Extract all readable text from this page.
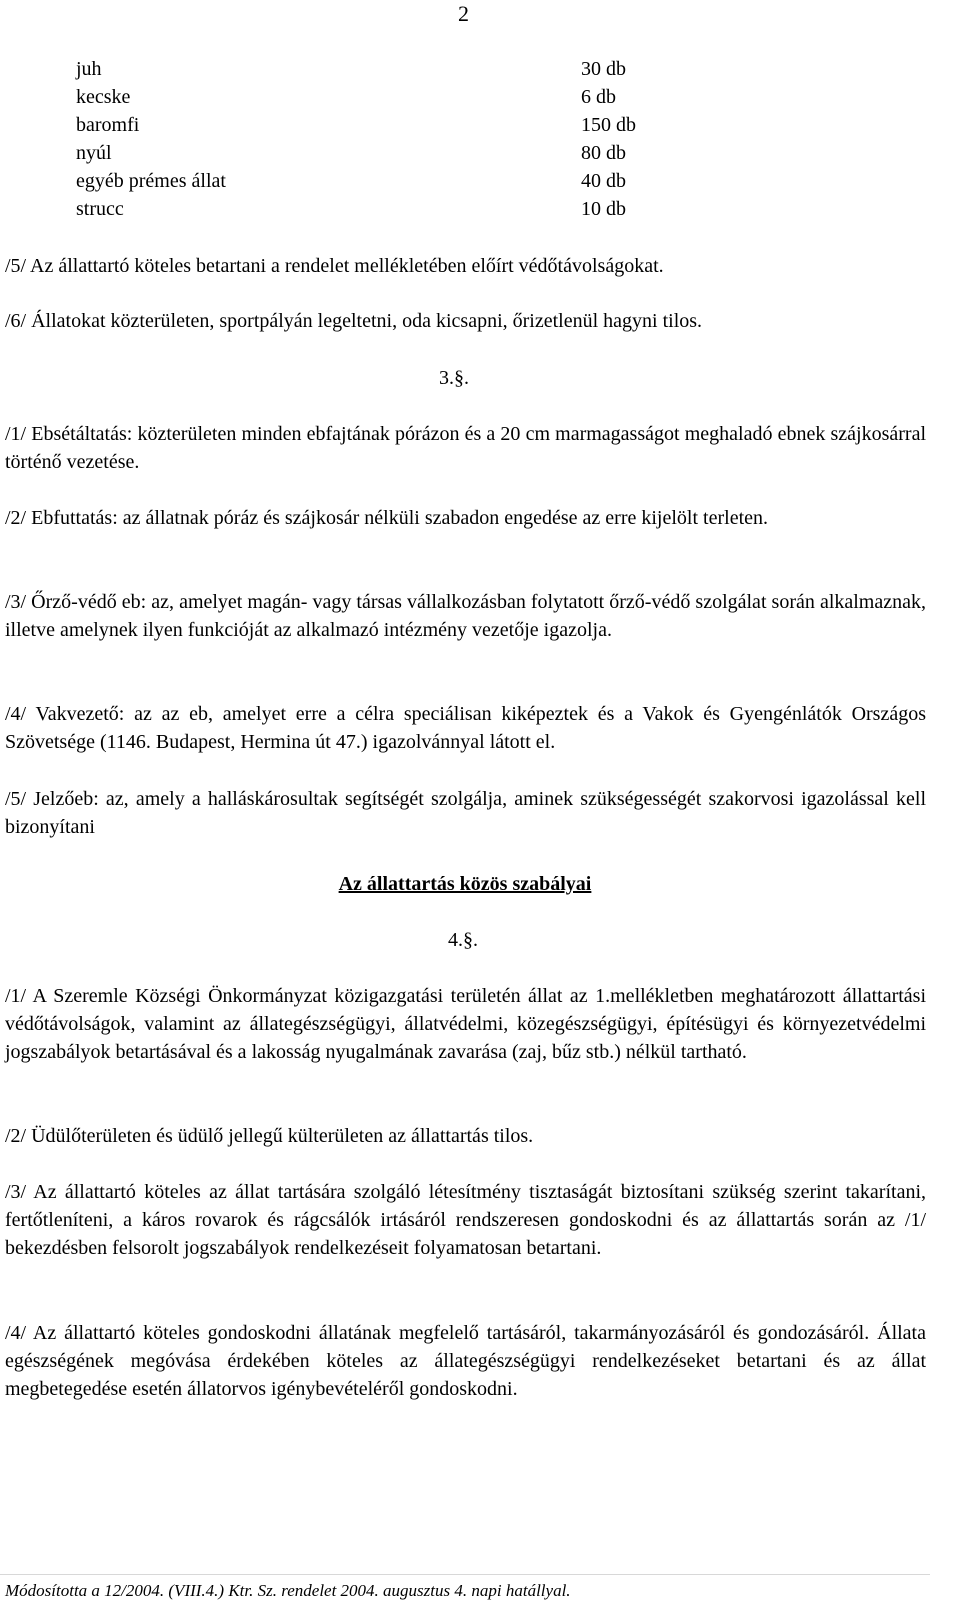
2
juh	30 db
kecske	6 db
baromfi	150 db
nyúl	80 db
egyéb prémes állat	40 db
strucc	10 db
/5/ Az állattartó köteles betartani a rendelet mellékletében előírt védőtávolságokat.
/6/ Állatokat közterületen, sportpályán legeltetni, oda kicsapni, őrizetlenül hagyni tilos.
3.§.
/1/ Ebsétáltatás: közterületen minden ebfajtának pórázon és a 20 cm marmagasságot meghaladó ebnek szájkosárral történő vezetése.
/2/ Ebfuttatás: az állatnak póráz és szájkosár nélküli szabadon engedése az erre kijelölt terleten.
/3/ Őrző-védő eb: az, amelyet magán- vagy társas vállalkozásban folytatott őrző-védő szolgálat során alkalmaznak, illetve amelynek ilyen funkcióját az alkalmazó intézmény vezetője igazolja.
/4/ Vakvezető: az az eb, amelyet erre a célra speciálisan kiképeztek és a Vakok és Gyengénlátók Országos Szövetsége (1146. Budapest, Hermina út 47.) igazolvánnyal látott el.
/5/ Jelzőeb: az, amely a halláskárosultak segítségét szolgálja, aminek szükségességét szakorvosi igazolással kell bizonyítani
Az állattartás közös szabályai
4.§.
/1/ A Szeremle Községi Önkormányzat közigazgatási területén állat az 1.mellékletben meghatározott állattartási védőtávolságok, valamint az állategészségügyi, állatvédelmi, közegészségügyi, építésügyi és környezetvédelmi jogszabályok betartásával és a lakosság nyugalmának zavarása (zaj, bűz stb.) nélkül tartható.
/2/ Üdülőterületen és üdülő jellegű külterületen az állattartás tilos.
/3/ Az állattartó köteles az állat tartására szolgáló létesítmény tisztaságát biztosítani szükség szerint takarítani, fertőtleníteni, a káros rovarok és rágcsálók irtásáról rendszeresen gondoskodni és az állattartás során az /1/ bekezdésben felsorolt jogszabályok rendelkezéseit folyamatosan betartani.
/4/ Az állattartó köteles gondoskodni állatának megfelelő tartásáról, takarmányozásáról és gondozásáról. Állata egészségének megóvása érdekében köteles az állategészségügyi rendelkezéseket betartani és az állat megbetegedése esetén állatorvos igénybevételéről gondoskodni.
Módosította a 12/2004. (VIII.4.) Ktr. Sz. rendelet 2004. augusztus 4. napi hatállyal.
